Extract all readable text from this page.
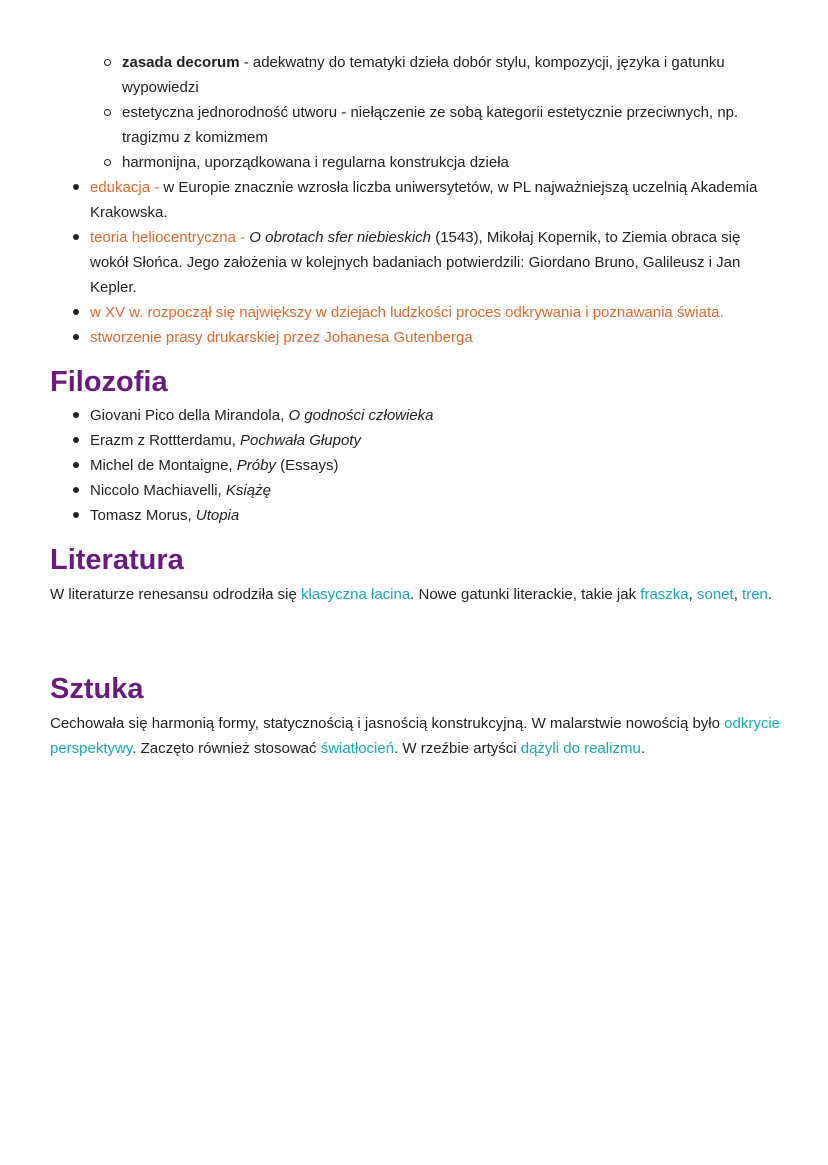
zasada decorum - adekwatny do tematyki dzieła dobór stylu, kompozycji, języka i gatunku wypowiedzi
estetyczna jednorodność utworu - niełączenie ze sobą kategorii estetycznie przeciwnych, np. tragizmu z komizmem
harmonijna, uporządkowana i regularna konstrukcja dzieła
edukacja - w Europie znacznie wzrosła liczba uniwersytetów, w PL najważniejszą uczelnią Akademia Krakowska.
teoria heliocentryczna - O obrotach sfer niebieskich (1543), Mikołaj Kopernik, to Ziemia obraca się wokół Słońca. Jego założenia w kolejnych badaniach potwierdzili: Giordano Bruno, Galileusz i Jan Kepler.
w XV w. rozpoczął się największy w dziejach ludzkości proces odkrywania i poznawania świata.
stworzenie prasy drukarskiej przez Johanesa Gutenberga
Filozofia
Giovani Pico della Mirandola, O godności człowieka
Erazm z Rottterdamu, Pochwała Głupoty
Michel de Montaigne, Próby (Essays)
Niccolo Machiavelli, Książę
Tomasz Morus, Utopia
Literatura

W literaturze renesansu odrodziła się klasyczna łacina. Nowe gatunki literackie, takie jak fraszka, sonet, tren.

Sztuka

Cechowała się harmonią formy, statycznością i jasnością konstrukcyjną. W malarstwie nowością było odkrycie perspektywy. Zaczęto również stosować światłocień. W rzeźbie artyści dążyli do realizmu.
